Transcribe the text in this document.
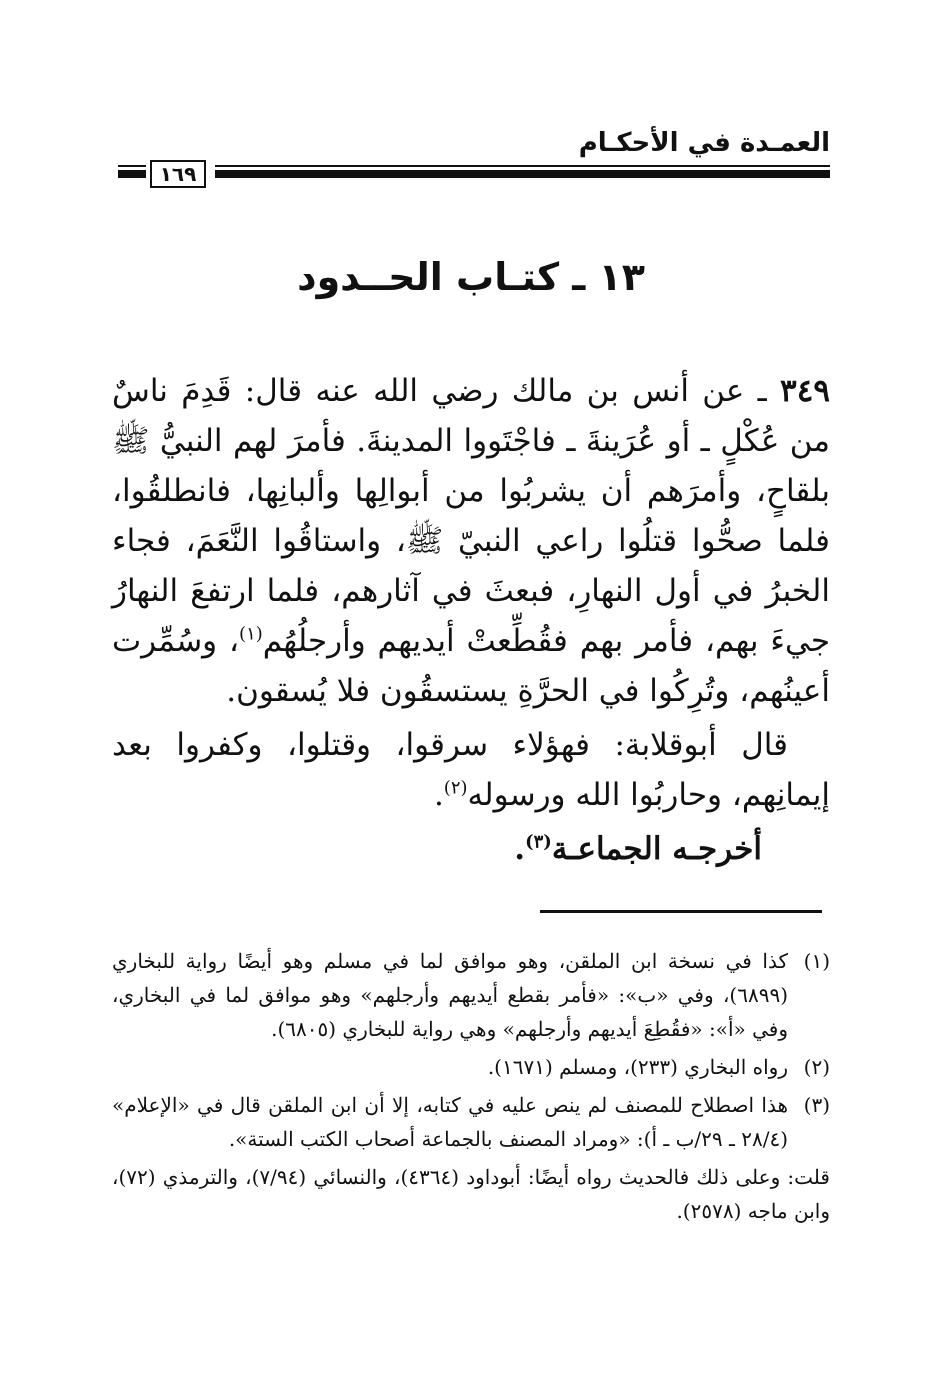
العمـدة في الأحكـام
١٦٩
١٣ ـ كتـاب الحــدود

٣٤٩ ـ عن أنس بن مالك رضي الله عنه قال: قَدِمَ ناسٌ من عُكْلٍ ـ أو عُرَينةَ ـ فاجْتَووا المدينةَ. فأمرَ لهم النبيُّ ﷺ بلقاحٍ، وأمرَهم أن يشربُوا من أبوالِها وألبانِها، فانطلقُوا، فلما صحُّوا قتلُوا راعي النبيّ ﷺ، واستاقُوا النَّعَمَ، فجاء الخبرُ في أول النهارِ، فبعثَ في آثارهم، فلما ارتفعَ النهارُ جيءَ بهم، فأمر بهم فقُطِّعتْ أيديهم وأرجلُهُم$^{(١)}$، وسُمِّرت أعينُهم، وتُرِكُوا في الحرَّةِ يستسقُون فلا يُسقون.

قال أبوقلابة: فهؤلاء سرقوا، وقتلوا، وكفروا بعد إيمانِهم، وحاربُوا الله ورسوله$^{(٢)}$.

أخرجـه الجماعـة$^{(٣)}$.

(١)
كذا في نسخة ابن الملقن، وهو موافق لما في مسلم وهو أيضًا رواية للبخاري (٦٨٩٩)، وفي «ب»: «فأمر بقطع أيديهم وأرجلهم» وهو موافق لما في البخاري، وفي «أ»: «فقُطِعَ أيديهم وأرجلهم» وهي رواية للبخاري (٦٨٠٥).
(٢)
رواه البخاري (٢٣٣)، ومسلم (١٦٧١).
(٣)
هذا اصطلاح للمصنف لم ينص عليه في كتابه، إلا أن ابن الملقن قال في «الإعلام» (٢٨/٤ ـ ٢٩/ب ـ أ): «ومراد المصنف بالجماعة أصحاب الكتب الستة».
قلت: وعلى ذلك فالحديث رواه أيضًا: أبوداود (٤٣٦٤)، والنسائي (٧/٩٤)، والترمذي (٧٢)، وابن ماجه (٢٥٧٨).
